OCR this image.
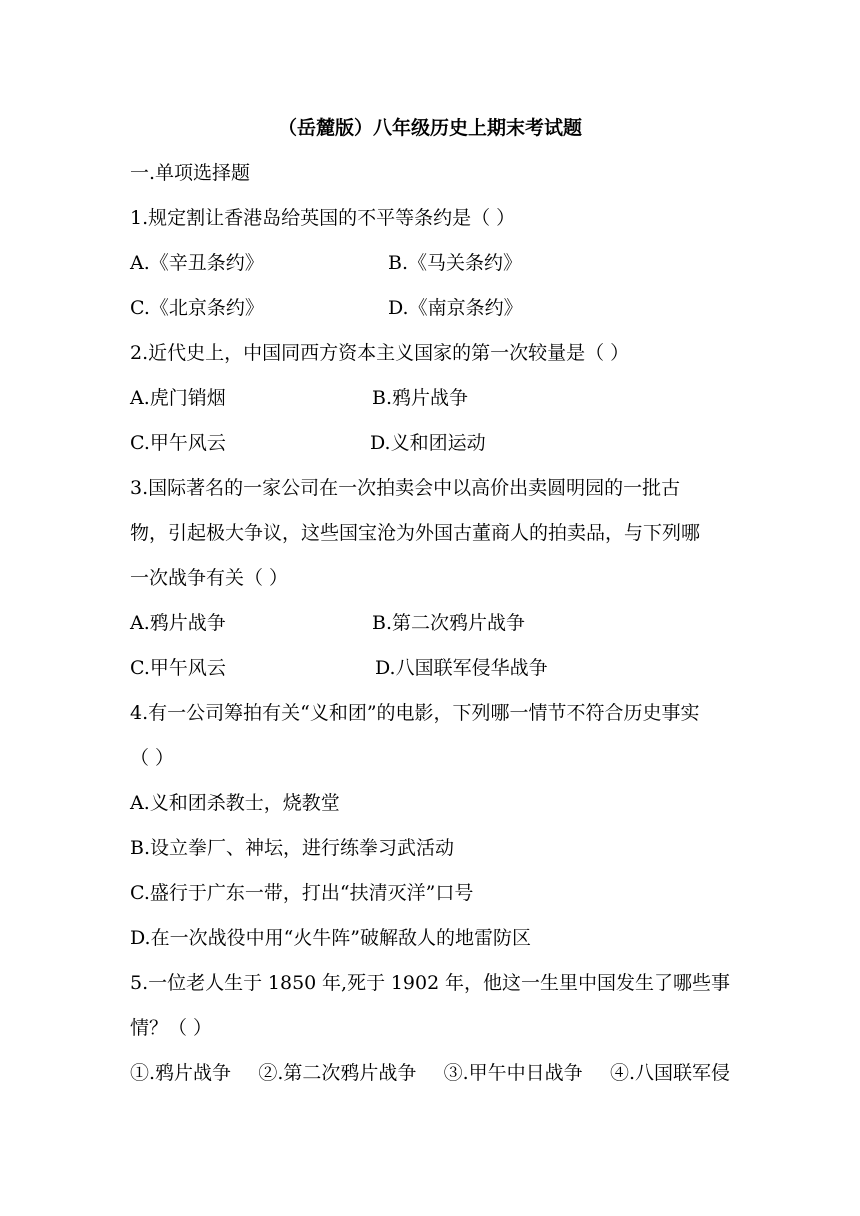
（岳麓版）八年级历史上期末考试题
一.单项选择题
1.规定割让香港岛给英国的不平等条约是（ ）
A.《辛丑条约》	B.《马关条约》
C.《北京条约》	D.《南京条约》
2.近代史上，中国同西方资本主义国家的第一次较量是（ ）
A.虎门销烟	B.鸦片战争
C.甲午风云	D.义和团运动
3.国际著名的一家公司在一次拍卖会中以高价出卖圆明园的一批古
物，引起极大争议，这些国宝沧为外国古董商人的拍卖品，与下列哪
一次战争有关（ ）
A.鸦片战争	B.第二次鸦片战争
C.甲午风云	D.八国联军侵华战争
4.有一公司筹拍有关“义和团”的电影，下列哪一情节不符合历史事实
（ ）
A.义和团杀教士，烧教堂
B.设立拳厂、神坛，进行练拳习武活动
C.盛行于广东一带，打出“扶清灭洋”口号
D.在一次战役中用“火牛阵”破解敌人的地雷防区
5.一位老人生于 1850 年,死于 1902 年，他这一生里中国发生了哪些事
情？（ ）
①.鸦片战争 ②.第二次鸦片战争 ③.甲午中日战争 ④.八国联军侵
